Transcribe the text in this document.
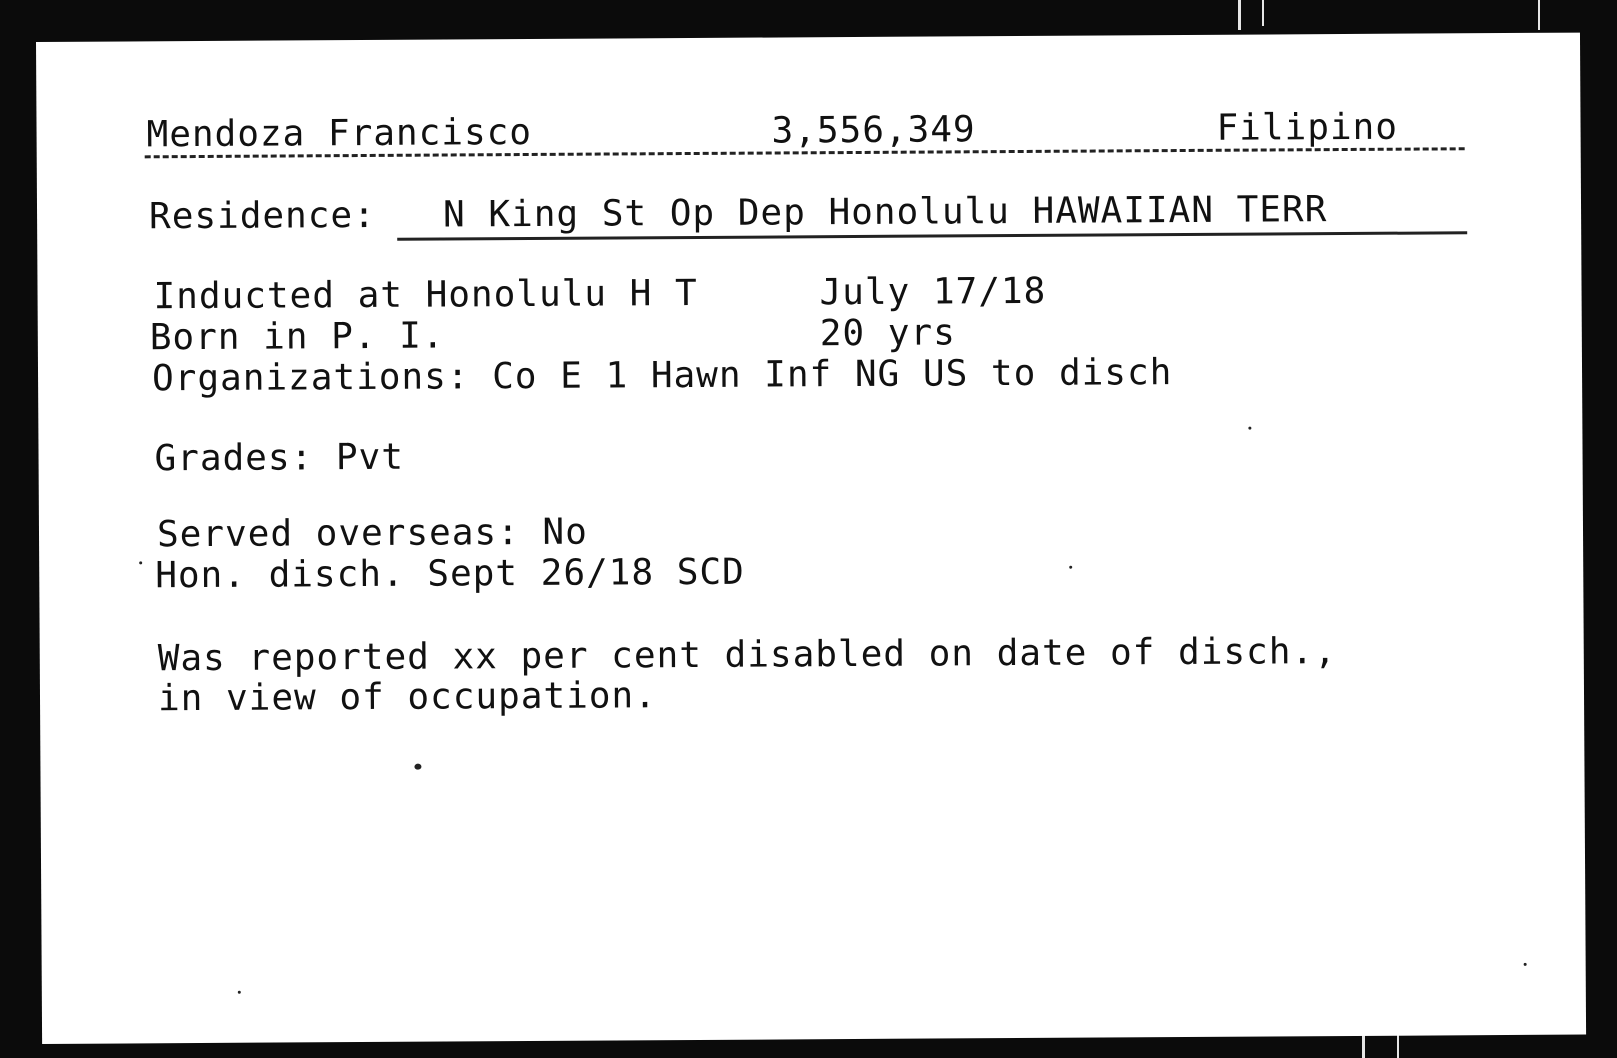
Mendoza Francisco	3,556,349	Filipino
Residence: N King St Op Dep Honolulu HAWAIIAN TERR
Inducted at Honolulu H T	July 17/18
Born in P. I.	20 yrs
Organizations: Co E 1 Hawn Inf NG US to disch
Grades: Pvt
Served overseas: No
Hon. disch. Sept 26/18 SCD
Was reported xx per cent disabled on date of disch.,
in view of occupation.
